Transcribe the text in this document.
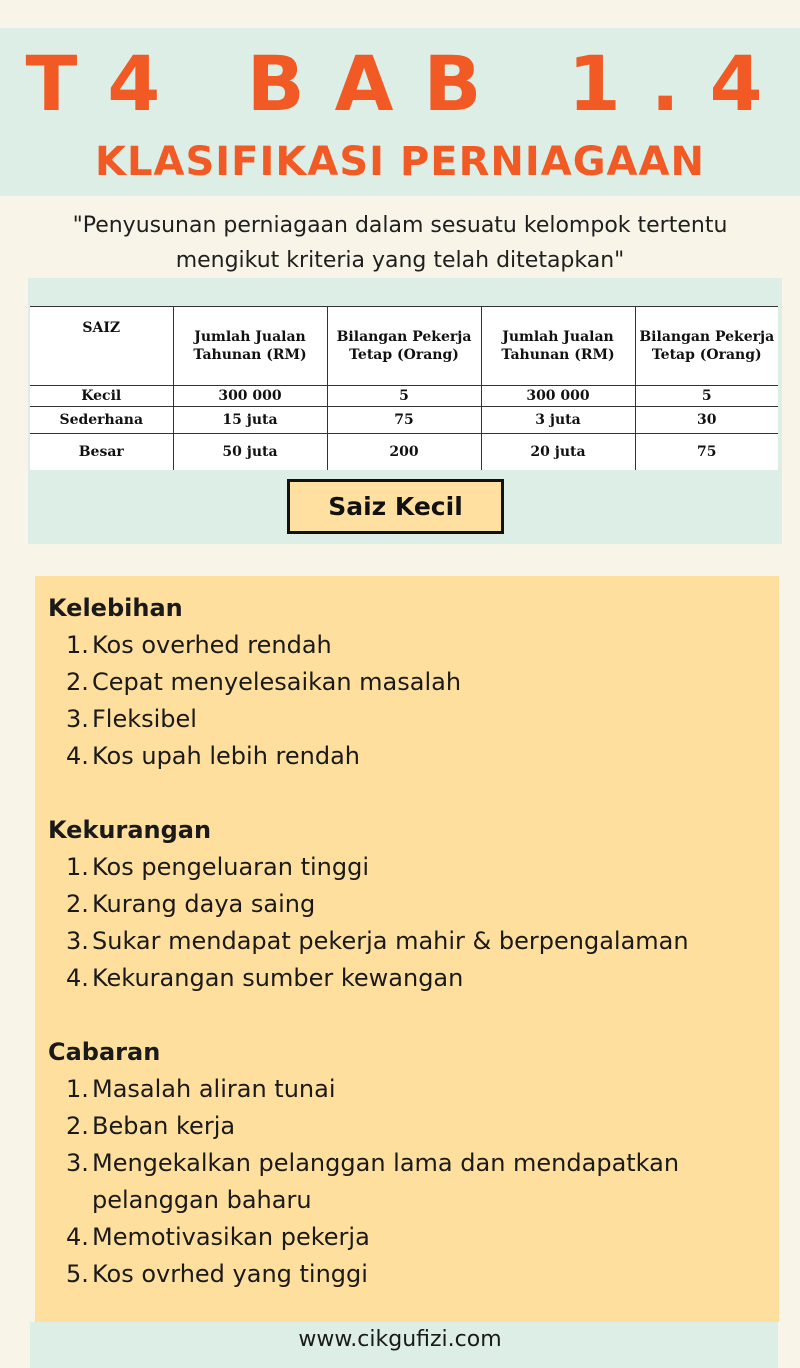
T4 BAB 1.4
KLASIFIKASI PERNIAGAAN
"Penyusunan perniagaan dalam sesuatu kelompok tertentu mengikut kriteria yang telah ditetapkan"
SAIZ	Jumlah Jualan Tahunan (RM)	Bilangan Pekerja Tetap (Orang)	Jumlah Jualan Tahunan (RM)	Bilangan Pekerja Tetap (Orang)
Kecil	300 000	5	300 000	5
Sederhana	15 juta	75	3 juta	30
Besar	50 juta	200	20 juta	75
Saiz Kecil
Kelebihan
1. Kos overhed rendah
2. Cepat menyelesaikan masalah
3. Fleksibel
4. Kos upah lebih rendah
Kekurangan
1. Kos pengeluaran tinggi
2. Kurang daya saing
3. Sukar mendapat pekerja mahir & berpengalaman
4. Kekurangan sumber kewangan
Cabaran
1. Masalah aliran tunai
2. Beban kerja
3. Mengekalkan pelanggan lama dan mendapatkan pelanggan baharu
4. Memotivasikan pekerja
5. Kos ovrhed yang tinggi
www.cikgufizi.com
